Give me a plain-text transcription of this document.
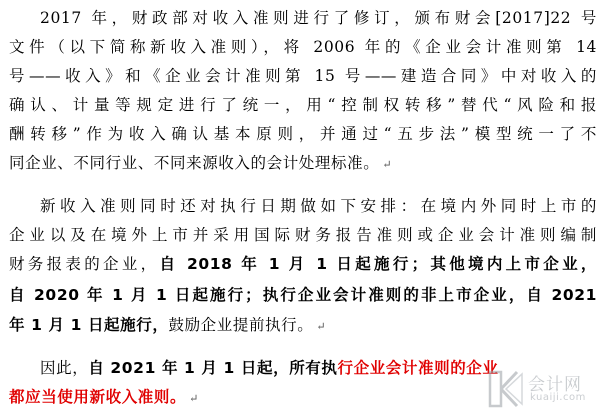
2017 年，财政部对收入准则进行了修订，颁布财会[2017]22 号
文件（以下简称新收入准则），将 2006 年的《企业会计准则第 14
号——收入》和《企业会计准则第 15 号——建造合同》中对收入的
确认、计量等规定进行了统一，用“控制权转移”替代“风险和报
酬转移”作为收入确认基本原则，并通过“五步法”模型统一了不
同企业、不同行业、不同来源收入的会计处理标准。 ↵
新收入准则同时还对执行日期做如下安排：在境内外同时上市的
企业以及在境外上市并采用国际财务报告准则或企业会计准则编制
财务报表的企业，自 2018 年 1 月 1 日起施行；其他境内上市企业，
自 2020 年 1 月 1 日起施行；执行企业会计准则的非上市企业，自 2021
年 1 月 1 日起施行，鼓励企业提前执行。 ↵
因此，自 2021 年 1 月 1 日起，所有执行企业会计准则的企业
都应当使用新收入准则。 ↵
会计网
kuaiji.com
